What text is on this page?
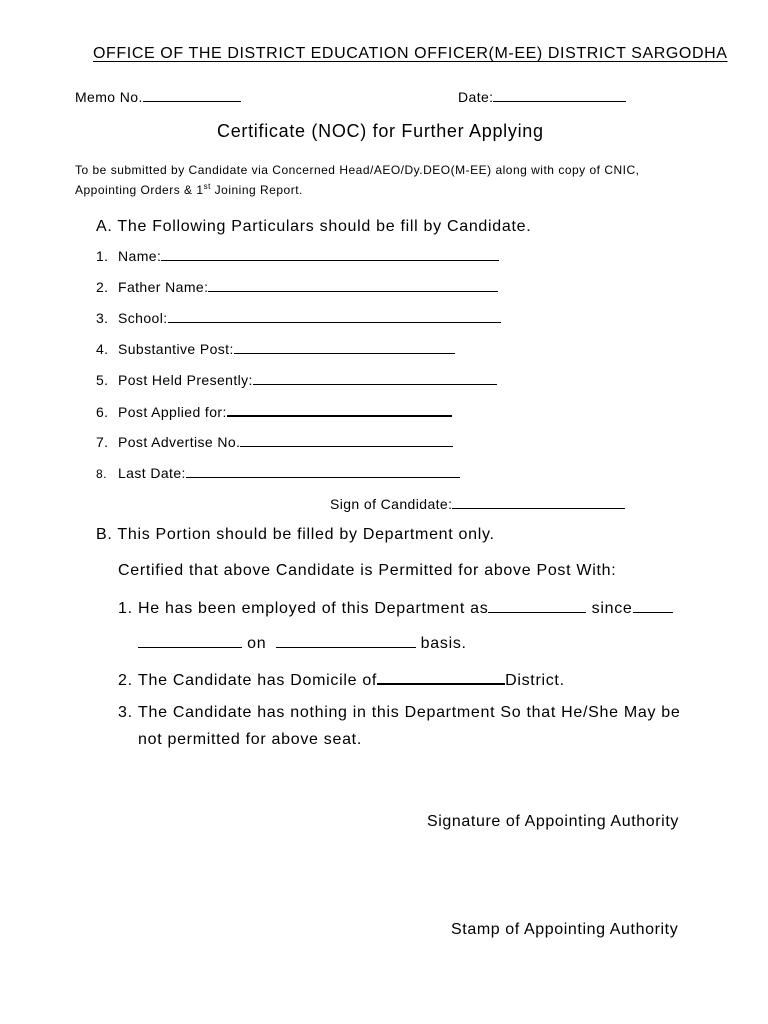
OFFICE OF THE DISTRICT EDUCATION OFFICER(M-EE) DISTRICT SARGODHA
Memo No.	Date:
Certificate (NOC) for Further Applying
To be submitted by Candidate via Concerned Head/AEO/Dy.DEO(M-EE) along with copy of CNIC,
Appointing Orders & 1st Joining Report.
A. The Following Particulars should be fill by Candidate.
1. Name:
2. Father Name:
3. School:
4. Substantive Post:
5. Post Held Presently:
6. Post Applied for:
7. Post Advertise No.
8. Last Date:
Sign of Candidate:
B. This Portion should be filled by Department only.
Certified that above Candidate is Permitted for above Post With:
1. He has been employed of this Department as	since
on	basis.
2. The Candidate has Domicile of	District.
3. The Candidate has nothing in this Department So that He/She May be
not permitted for above seat.
Signature of Appointing Authority
Stamp of Appointing Authority
